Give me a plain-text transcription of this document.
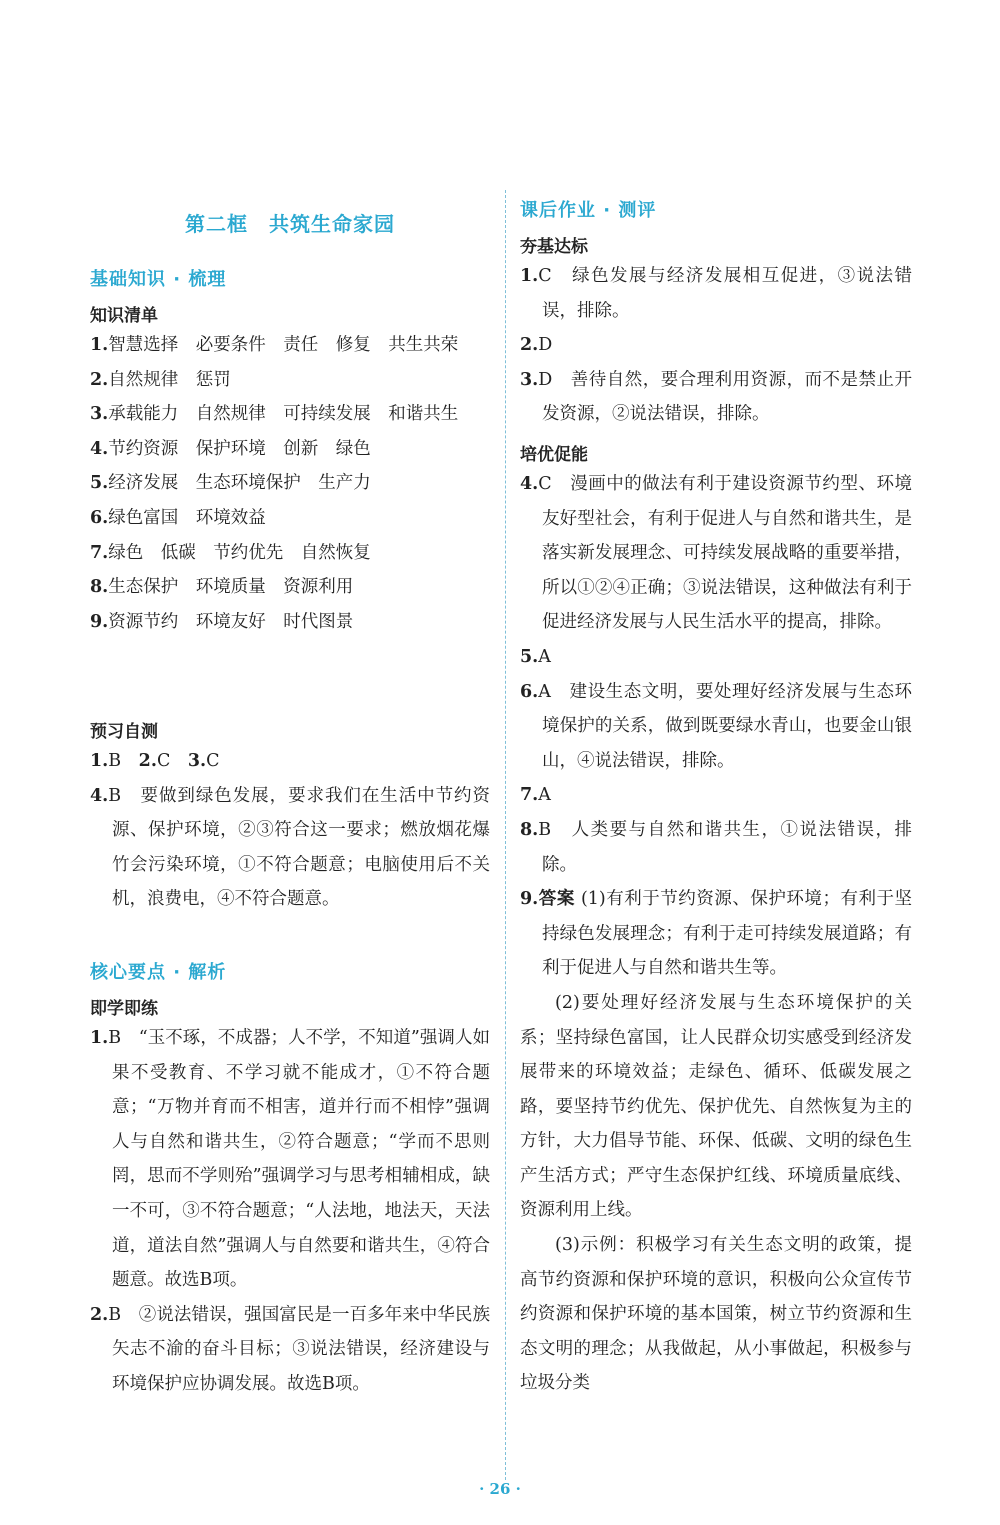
第二框　共筑生命家园
基础知识 · 梳理
知识清单
1.智慧选择　必要条件　责任　修复　共生共荣
2.自然规律　惩罚
3.承载能力　自然规律　可持续发展　和谐共生
4.节约资源　保护环境　创新　绿色
5.经济发展　生态环境保护　生产力
6.绿色富国　环境效益
7.绿色　低碳　节约优先　自然恢复
8.生态保护　环境质量　资源利用
9.资源节约　环境友好　时代图景
预习自测
1.B　2.C　3.C
4.B　要做到绿色发展，要求我们在生活中节约资源、保护环境，②③符合这一要求；燃放烟花爆竹会污染环境，①不符合题意；电脑使用后不关机，浪费电，④不符合题意。
核心要点 · 解析
即学即练
1.B　“玉不琢，不成器；人不学，不知道”强调人如果不受教育、不学习就不能成才，①不符合题意；“万物并育而不相害，道并行而不相悖”强调人与自然和谐共生，②符合题意；“学而不思则罔，思而不学则殆”强调学习与思考相辅相成，缺一不可，③不符合题意；“人法地，地法天，天法道，道法自然”强调人与自然要和谐共生，④符合题意。故选B项。
2.B　②说法错误，强国富民是一百多年来中华民族矢志不渝的奋斗目标；③说法错误，经济建设与环境保护应协调发展。故选B项。
课后作业 · 测评
夯基达标
1.C　绿色发展与经济发展相互促进，③说法错误，排除。
2.D
3.D　善待自然，要合理利用资源，而不是禁止开发资源，②说法错误，排除。
培优促能
4.C　漫画中的做法有利于建设资源节约型、环境友好型社会，有利于促进人与自然和谐共生，是落实新发展理念、可持续发展战略的重要举措，所以①②④正确；③说法错误，这种做法有利于促进经济发展与人民生活水平的提高，排除。
5.A
6.A　建设生态文明，要处理好经济发展与生态环境保护的关系，做到既要绿水青山，也要金山银山，④说法错误，排除。
7.A
8.B　人类要与自然和谐共生，①说法错误，排除。
9.答案 (1)有利于节约资源、保护环境；有利于坚持绿色发展理念；有利于走可持续发展道路；有利于促进人与自然和谐共生等。
(2)要处理好经济发展与生态环境保护的关系；坚持绿色富国，让人民群众切实感受到经济发展带来的环境效益；走绿色、循环、低碳发展之路，要坚持节约优先、保护优先、自然恢复为主的方针，大力倡导节能、环保、低碳、文明的绿色生产生活方式；严守生态保护红线、环境质量底线、资源利用上线。
(3)示例：积极学习有关生态文明的政策，提高节约资源和保护环境的意识，积极向公众宣传节约资源和保护环境的基本国策，树立节约资源和生态文明的理念；从我做起，从小事做起，积极参与垃圾分类
· 26 ·
